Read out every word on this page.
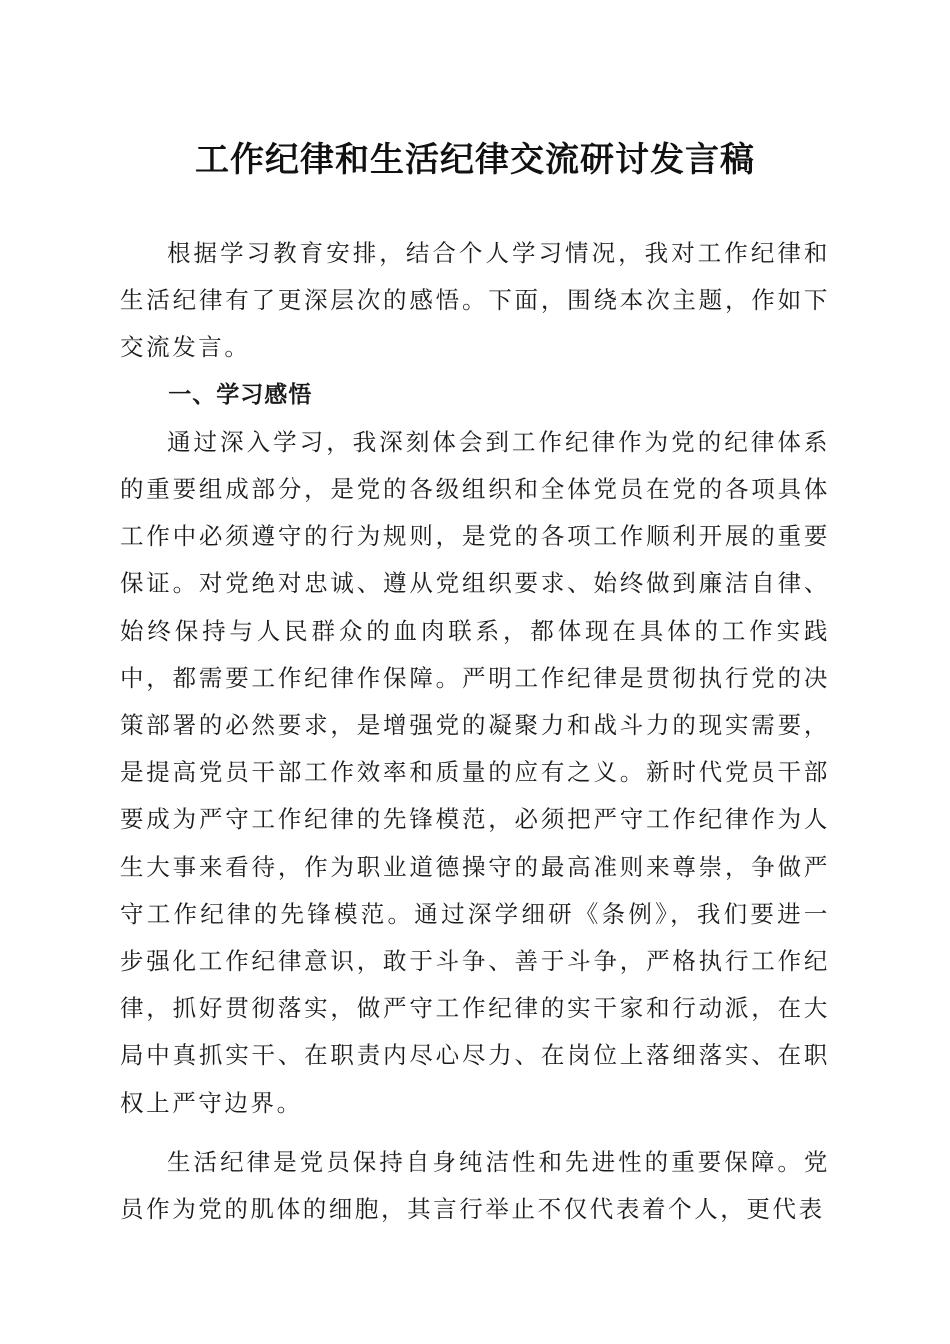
工作纪律和生活纪律交流研讨发言稿

根据学习教育安排，结合个人学习情况，我对工作纪律和生活纪律有了更深层次的感悟。下面，围绕本次主题，作如下交流发言。

一、学习感悟

通过深入学习，我深刻体会到工作纪律作为党的纪律体系的重要组成部分，是党的各级组织和全体党员在党的各项具体工作中必须遵守的行为规则，是党的各项工作顺利开展的重要保证。对党绝对忠诚、遵从党组织要求、始终做到廉洁自律、始终保持与人民群众的血肉联系，都体现在具体的工作实践中，都需要工作纪律作保障。严明工作纪律是贯彻执行党的决策部署的必然要求，是增强党的凝聚力和战斗力的现实需要，是提高党员干部工作效率和质量的应有之义。新时代党员干部要成为严守工作纪律的先锋模范，必须把严守工作纪律作为人生大事来看待，作为职业道德操守的最高准则来尊崇，争做严守工作纪律的先锋模范。通过深学细研《条例》，我们要进一步强化工作纪律意识，敢于斗争、善于斗争，严格执行工作纪律，抓好贯彻落实，做严守工作纪律的实干家和行动派，在大局中真抓实干、在职责内尽心尽力、在岗位上落细落实、在职权上严守边界。

生活纪律是党员保持自身纯洁性和先进性的重要保障。党员作为党的肌体的细胞，其言行举止不仅代表着个人，更代表
